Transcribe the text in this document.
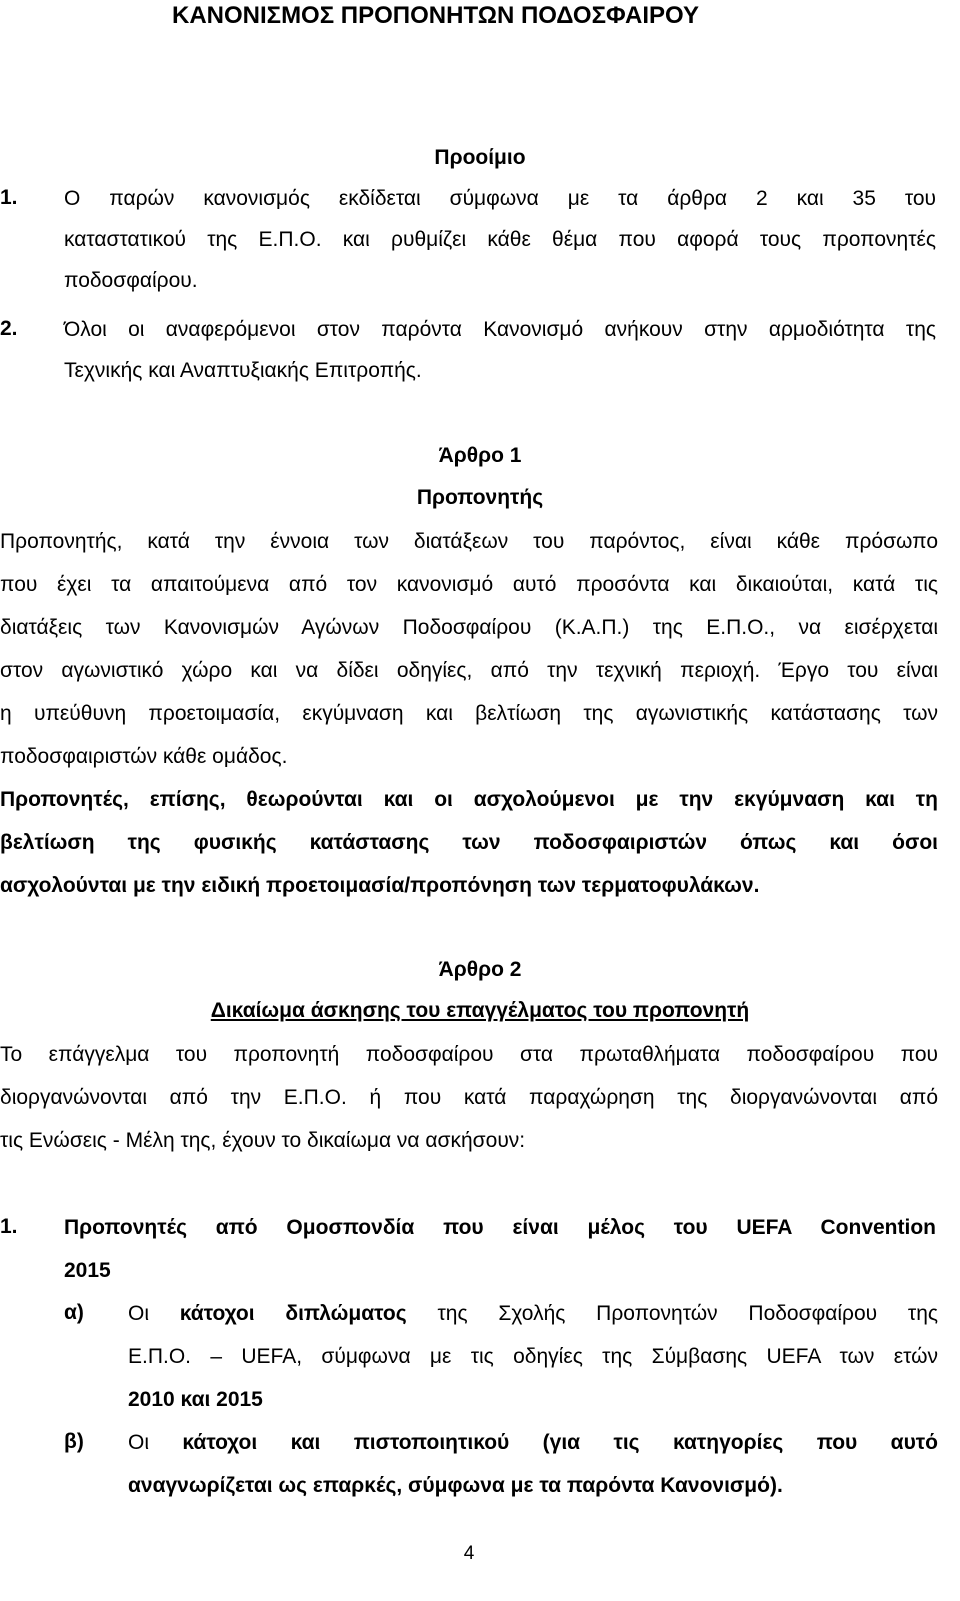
ΚΑΝΟΝΙΣΜΟΣ ΠΡΟΠΟΝΗΤΩΝ ΠΟΔΟΣΦΑΙΡΟΥ
Προοίμιο
1. Ο παρών κανονισμός εκδίδεται σύμφωνα με τα άρθρα 2 και 35 του
καταστατικού της Ε.Π.Ο. και ρυθμίζει κάθε θέμα που αφορά τους προπονητές
ποδοσφαίρου.
2. Όλοι οι αναφερόμενοι στον παρόντα Κανονισμό ανήκουν στην αρμοδιότητα της
Τεχνικής και Αναπτυξιακής Επιτροπής.
Άρθρο 1
Προπονητής
Προπονητής, κατά την έννοια των διατάξεων του παρόντος, είναι κάθε πρόσωπο
που έχει τα απαιτούμενα από τον κανονισμό αυτό προσόντα και δικαιούται, κατά τις
διατάξεις των Κανονισμών Αγώνων Ποδοσφαίρου (Κ.Α.Π.) της Ε.Π.Ο., να εισέρχεται
στον αγωνιστικό χώρο και να δίδει οδηγίες, από την τεχνική περιοχή. Έργο του είναι
η υπεύθυνη προετοιμασία, εκγύμναση και βελτίωση της αγωνιστικής κατάστασης των
ποδοσφαιριστών κάθε ομάδος.
Προπονητές, επίσης, θεωρούνται και οι ασχολούμενοι με την εκγύμναση και τη
βελτίωση της φυσικής κατάστασης των ποδοσφαιριστών όπως και όσοι
ασχολούνται με την ειδική προετοιμασία/προπόνηση των τερματοφυλάκων.
Άρθρο 2
Δικαίωμα άσκησης του επαγγέλματος του προπονητή
Το επάγγελμα του προπονητή ποδοσφαίρου στα πρωταθλήματα ποδοσφαίρου που
διοργανώνονται από την Ε.Π.Ο. ή που κατά παραχώρηση της διοργανώνονται από
τις Ενώσεις - Μέλη της, έχουν το δικαίωμα να ασκήσουν:
1. Προπονητές από Ομοσπονδία που είναι μέλος του UEFA Convention
2015
α) Οι κάτοχοι διπλώματος της Σχολής Προπονητών Ποδοσφαίρου της
Ε.Π.Ο. – UEFA, σύμφωνα με τις οδηγίες της Σύμβασης UEFA των ετών
2010 και 2015
β) Οι κάτοχοι και πιστοποιητικού (για τις κατηγορίες που αυτό
αναγνωρίζεται ως επαρκές, σύμφωνα με τα παρόντα Κανονισμό).
4
